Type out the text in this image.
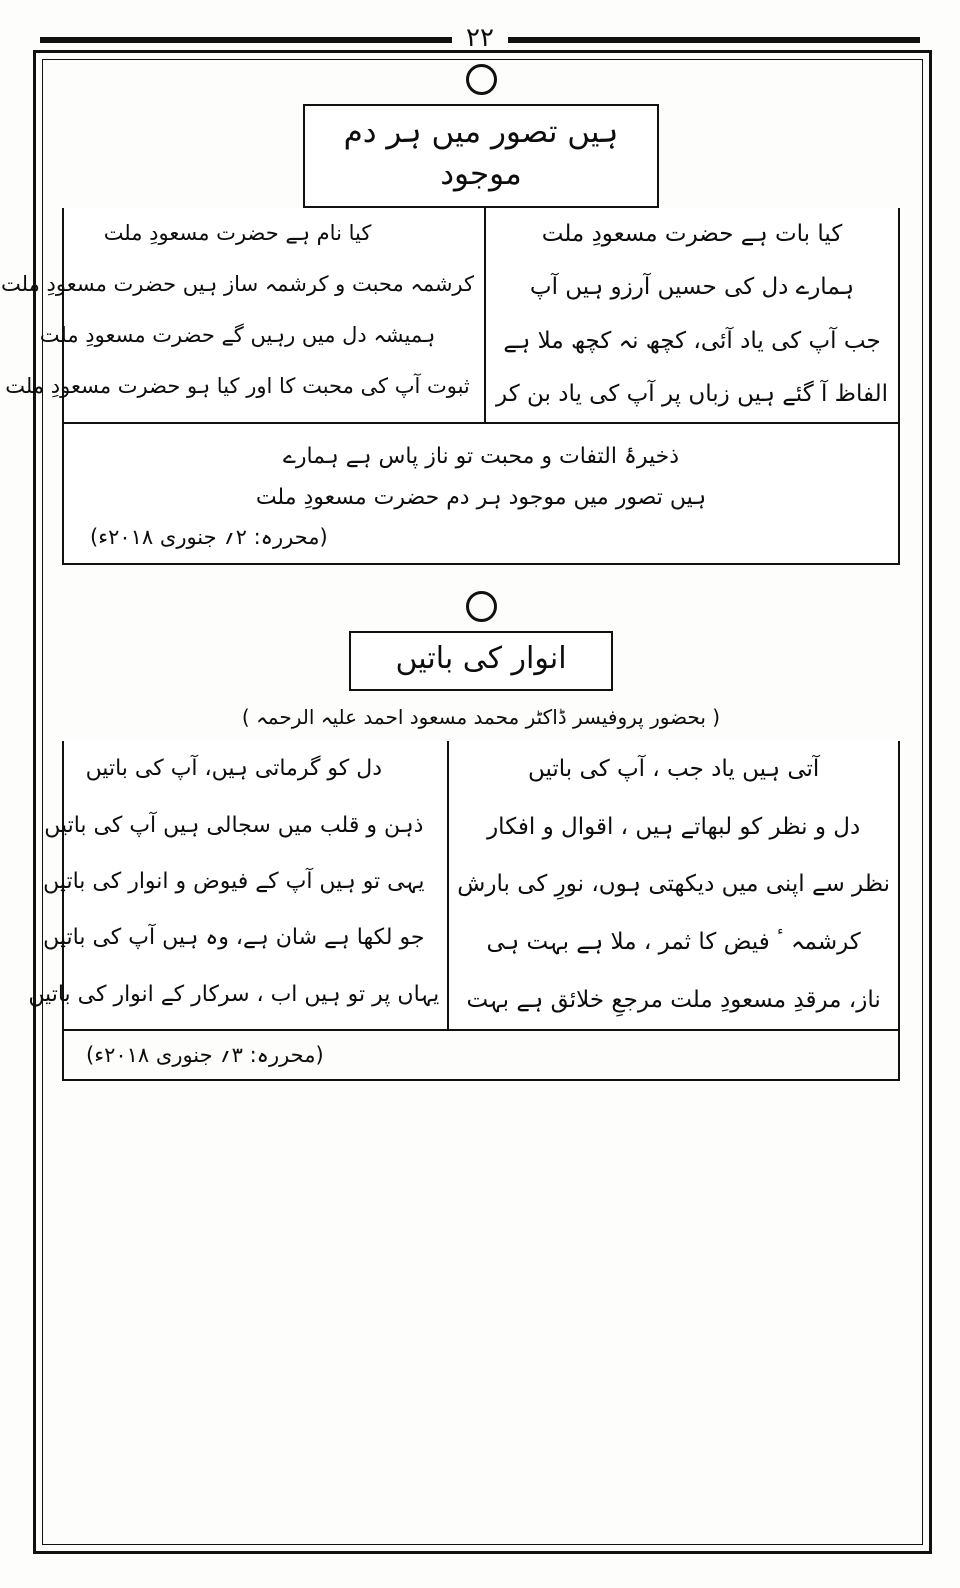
۲۲
ہیں تصور میں ہر دم موجود
کیا بات ہے حضرت مسعودِ ملت
ہمارے دل کی حسیں آرزو ہیں آپ
جب آپ کی یاد آئی، کچھ نہ کچھ ملا ہے
الفاظ آ گئے ہیں زباں پر آپ کی یاد بن کر
کیا نام ہے حضرت مسعودِ ملت
کرشمہ محبت و کرشمہ ساز ہیں حضرت مسعودِ ملت
ہمیشہ دل میں رہیں گے حضرت مسعودِ ملت
ثبوت آپ کی محبت کا اور کیا ہو حضرت مسعودِ ملت
ذخیرۂ التفات و محبت تو ناز پاس ہے ہمارے
ہیں تصور میں موجود ہر دم حضرت مسعودِ ملت
(محررہ: ۲؍ جنوری ۲۰۱۸ء)
انوار کی باتیں
( بحضور پروفیسر ڈاکٹر محمد مسعود احمد علیہ الرحمہ )
آتی ہیں یاد جب ، آپ کی باتیں
دل و نظر کو لبھاتے ہیں ، اقوال و افکار
نظر سے اپنی میں دیکھتی ہوں، نورِ کی بارش
کرشمہ ٴ فیض کا ثمر ، ملا ہے بہت ہی
ناز، مرقدِ مسعودِ ملت مرجعِ خلائق ہے بہت
دل کو گرماتی ہیں، آپ کی باتیں
ذہن و قلب میں سجالی ہیں آپ کی باتیں
یہی تو ہیں آپ کے فیوض و انوار کی باتیں
جو لکھا ہے شان ہے، وہ ہیں آپ کی باتیں
یہاں پر تو ہیں اب ، سرکار کے انوار کی باتیں
(محررہ: ۳؍ جنوری ۲۰۱۸ء)
